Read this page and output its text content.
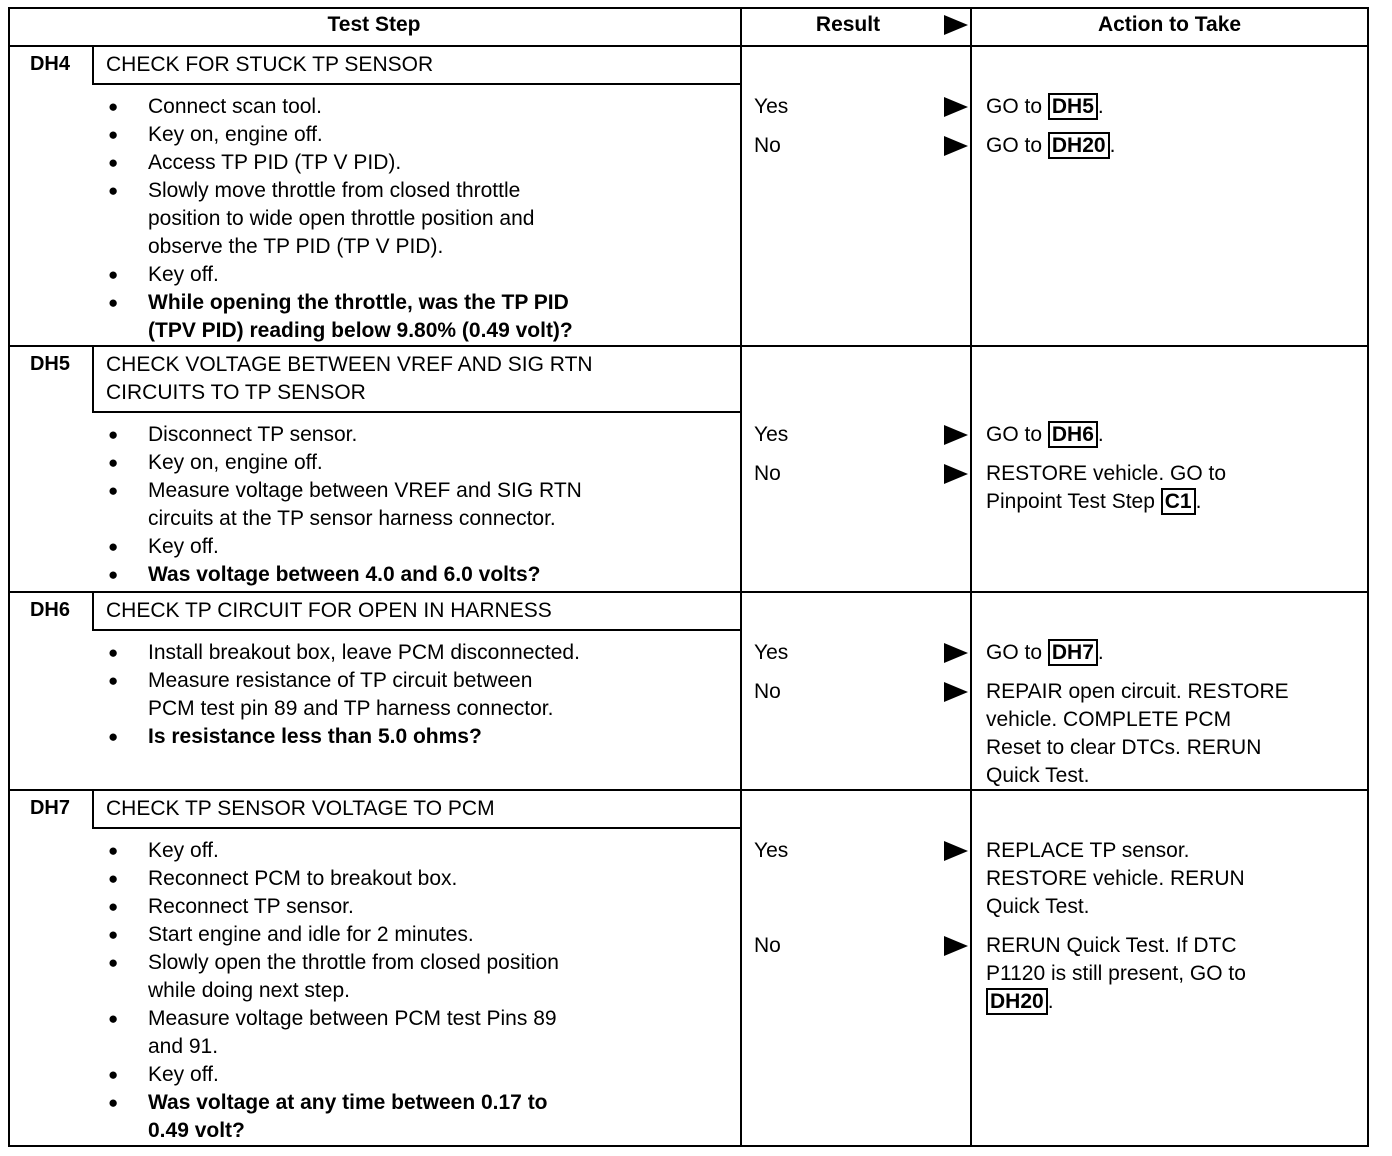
Test Step	Result	Action to Take
DH4	CHECK FOR STUCK TP SENSOR
● Connect scan tool.
● Key on, engine off.
● Access TP PID (TP V PID).
● Slowly move throttle from closed throttle
position to wide open throttle position and
observe the TP PID (TP V PID).
● Key off.
● While opening the throttle, was the TP PID
(TPV PID) reading below 9.80% (0.49 volt)?
Yes	GO to DH5 .
No	GO to DH20 .
DH5	CHECK VOLTAGE BETWEEN VREF AND SIG RTN
CIRCUITS TO TP SENSOR
● Disconnect TP sensor.
● Key on, engine off.
● Measure voltage between VREF and SIG RTN
circuits at the TP sensor harness connector.
● Key off.
● Was voltage between 4.0 and 6.0 volts?
Yes	GO to DH6 .
No	RESTORE vehicle. GO to
Pinpoint Test Step C1 .
DH6	CHECK TP CIRCUIT FOR OPEN IN HARNESS
● Install breakout box, leave PCM disconnected.
● Measure resistance of TP circuit between
PCM test pin 89 and TP harness connector.
● Is resistance less than 5.0 ohms?
Yes	GO to DH7 .
No	REPAIR open circuit. RESTORE
vehicle. COMPLETE PCM
Reset to clear DTCs. RERUN
Quick Test.
DH7	CHECK TP SENSOR VOLTAGE TO PCM
● Key off.
● Reconnect PCM to breakout box.
● Reconnect TP sensor.
● Start engine and idle for 2 minutes.
● Slowly open the throttle from closed position
while doing next step.
● Measure voltage between PCM test Pins 89
and 91.
● Key off.
● Was voltage at any time between 0.17 to
0.49 volt?
Yes	REPLACE TP sensor.
RESTORE vehicle. RERUN
Quick Test.
No	RERUN Quick Test. If DTC
P1120 is still present, GO to
DH20 .
